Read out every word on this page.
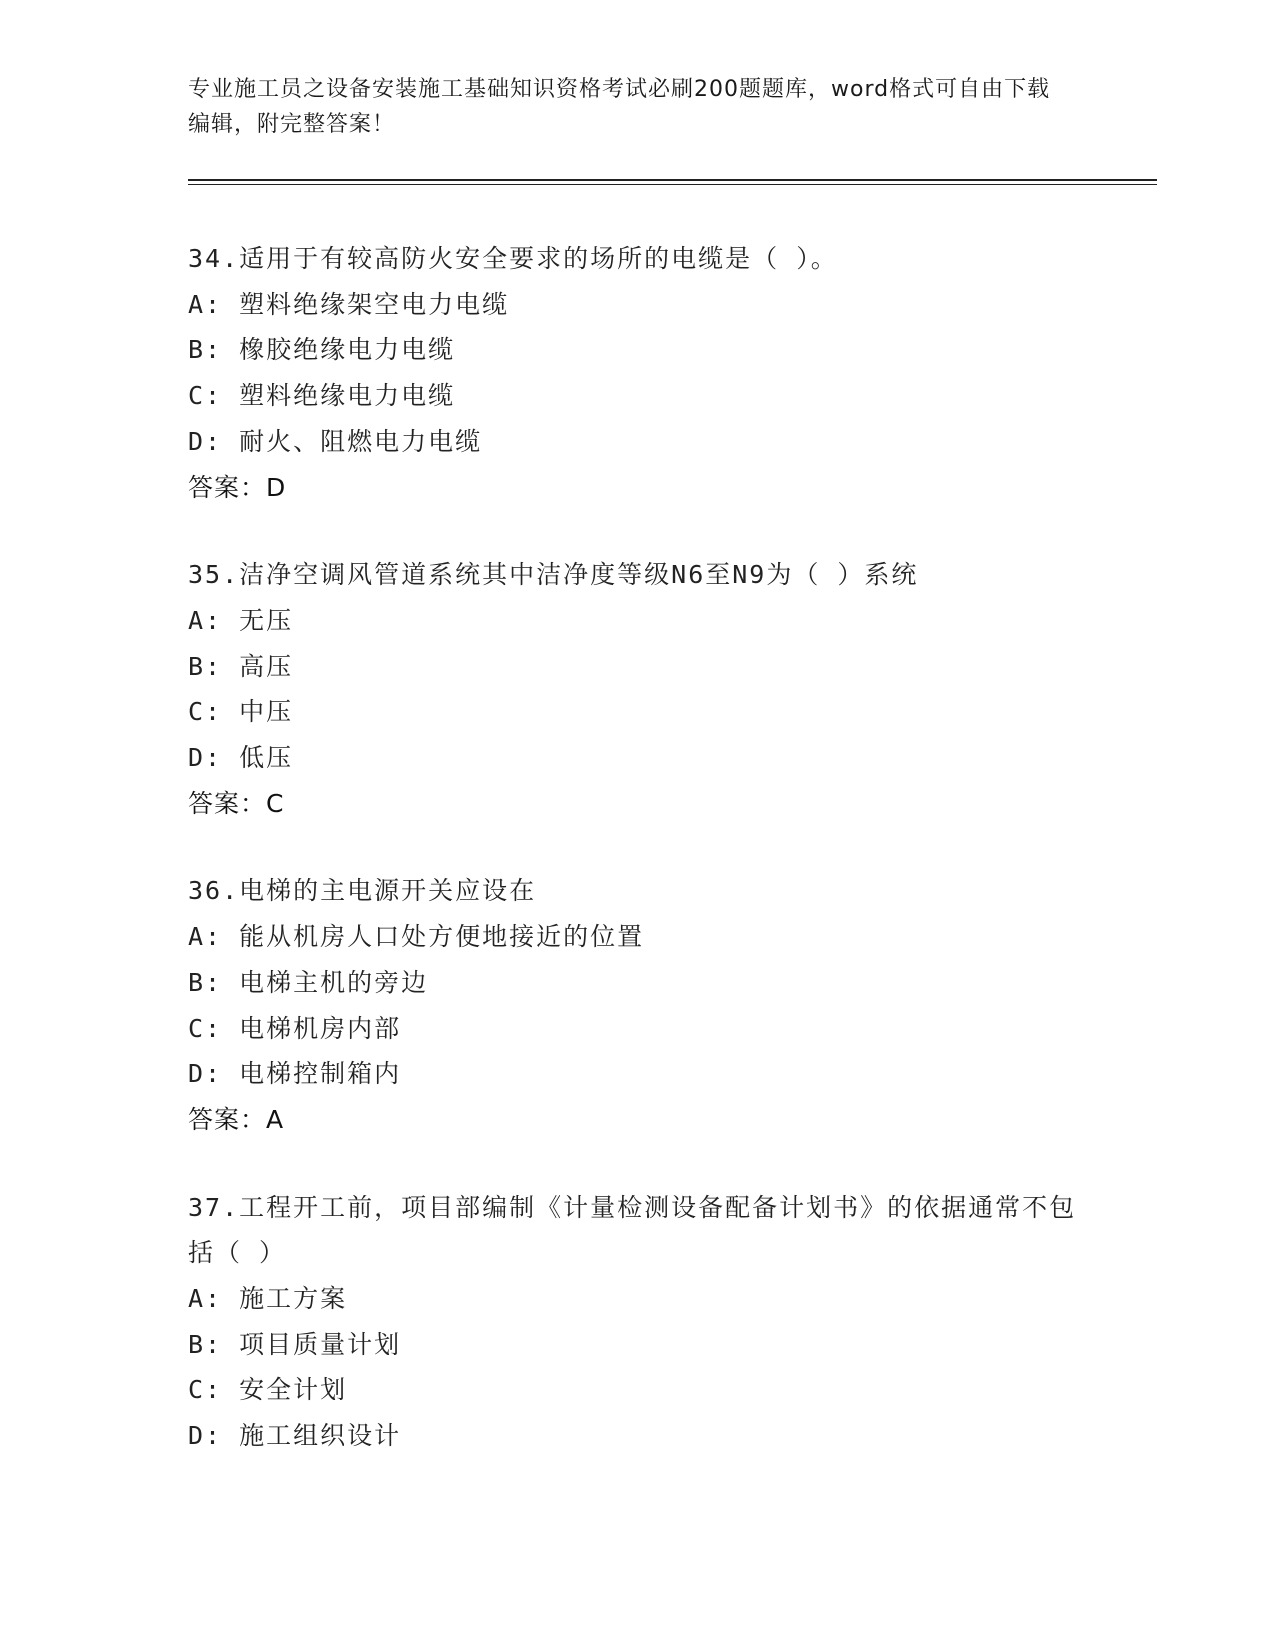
专业施工员之设备安装施工基础知识资格考试必刷200题题库，word格式可自由下载编辑，附完整答案！
34.适用于有较高防火安全要求的场所的电缆是（ ）。
A: 塑料绝缘架空电力电缆
B: 橡胶绝缘电力电缆
C: 塑料绝缘电力电缆
D: 耐火、阻燃电力电缆
答案：D
35.洁净空调风管道系统其中洁净度等级N6至N9为（ ）系统
A: 无压
B: 高压
C: 中压
D: 低压
答案：C
36.电梯的主电源开关应设在
A: 能从机房人口处方便地接近的位置
B: 电梯主机的旁边
C: 电梯机房内部
D: 电梯控制箱内
答案：A
37.工程开工前，项目部编制《计量检测设备配备计划书》的依据通常不包括（ ）
A: 施工方案
B: 项目质量计划
C: 安全计划
D: 施工组织设计
